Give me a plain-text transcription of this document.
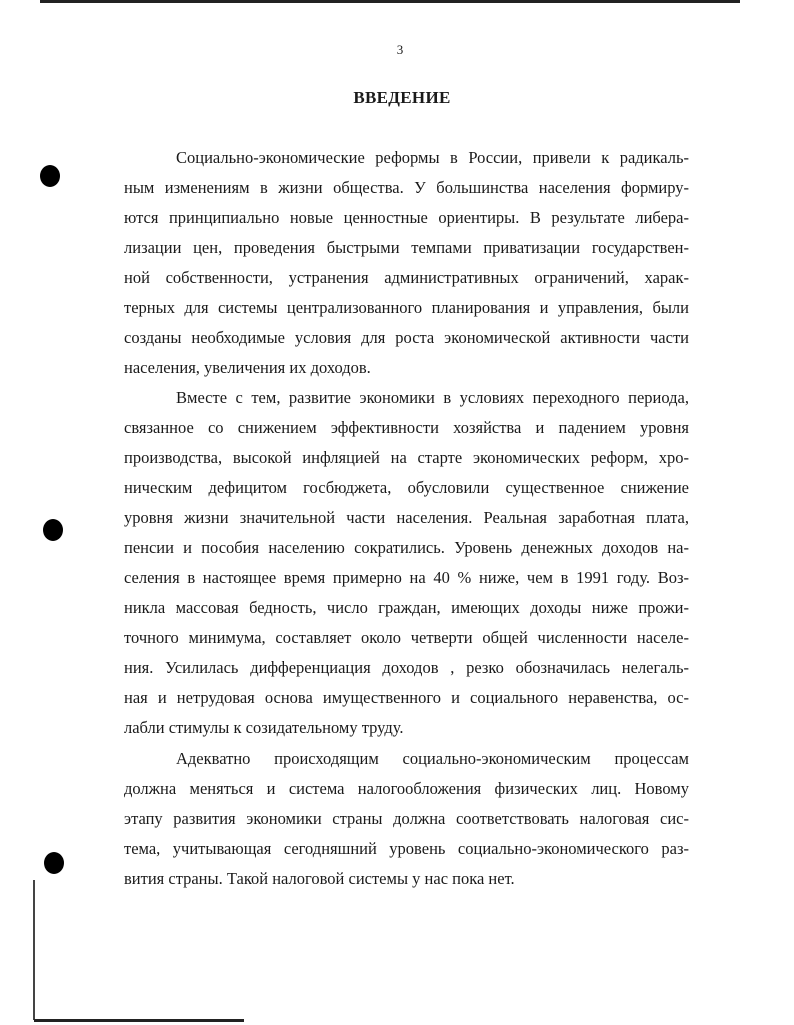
3
ВВЕДЕНИЕ
Социально-экономические реформы в России, привели к радикаль-
ным изменениям в жизни общества. У большинства населения формиру-
ются принципиально новые ценностные ориентиры. В результате либера-
лизации цен, проведения быстрыми темпами приватизации государствен-
ной собственности, устранения административных ограничений, харак-
терных для системы централизованного планирования и управления, были
созданы необходимые условия для роста экономической активности части
населения, увеличения их доходов.
Вместе с тем, развитие экономики в условиях переходного периода,
связанное со снижением эффективности хозяйства и падением уровня
производства, высокой инфляцией на старте экономических реформ, хро-
ническим дефицитом госбюджета, обусловили существенное снижение
уровня жизни значительной части населения. Реальная заработная плата,
пенсии и пособия населению сократились. Уровень денежных доходов на-
селения в настоящее время примерно на 40 % ниже, чем в 1991 году. Воз-
никла массовая бедность, число граждан, имеющих доходы ниже прожи-
точного минимума, составляет около четверти общей численности населе-
ния. Усилилась дифференциация доходов , резко обозначилась нелегаль-
ная и нетрудовая основа имущественного и социального неравенства, ос-
лабли стимулы к созидательному труду.
Адекватно происходящим социально-экономическим процессам
должна меняться и система налогообложения физических лиц. Новому
этапу развития экономики страны должна соответствовать налоговая сис-
тема, учитывающая сегодняшний уровень социально-экономического раз-
вития страны. Такой налоговой системы у нас пока нет.
